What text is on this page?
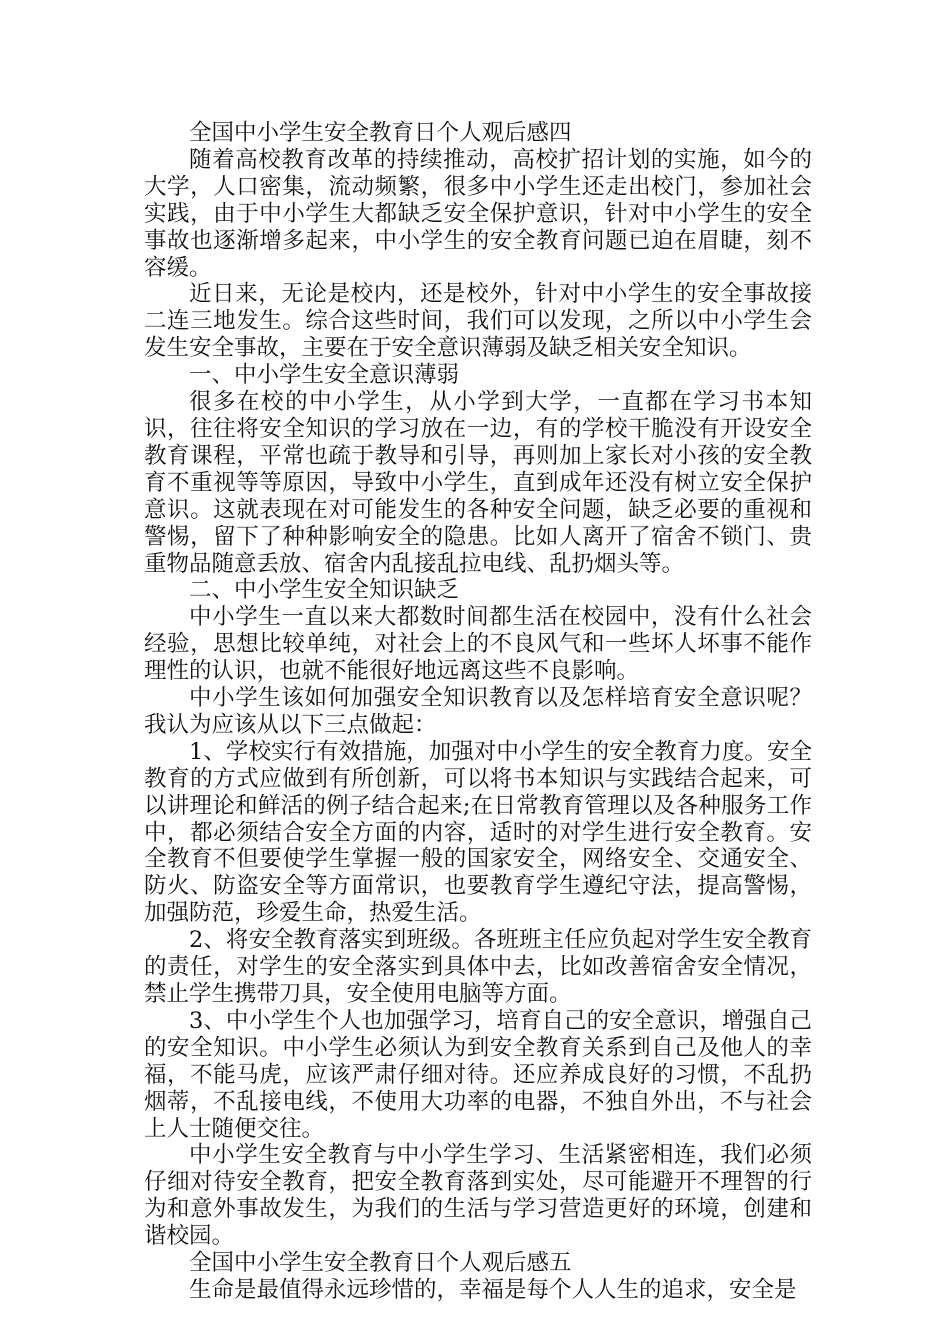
全国中小学生安全教育日个人观后感四

随着高校教育改革的持续推动，高校扩招计划的实施，如今的大学，人口密集，流动频繁，很多中小学生还走出校门，参加社会实践，由于中小学生大都缺乏安全保护意识，针对中小学生的安全事故也逐渐增多起来，中小学生的安全教育问题已迫在眉睫，刻不容缓。

近日来，无论是校内，还是校外，针对中小学生的安全事故接二连三地发生。综合这些时间，我们可以发现，之所以中小学生会发生安全事故，主要在于安全意识薄弱及缺乏相关安全知识。

一、中小学生安全意识薄弱

很多在校的中小学生，从小学到大学，一直都在学习书本知识，往往将安全知识的学习放在一边，有的学校干脆没有开设安全教育课程，平常也疏于教导和引导，再则加上家长对小孩的安全教育不重视等等原因，导致中小学生，直到成年还没有树立安全保护意识。这就表现在对可能发生的各种安全问题，缺乏必要的重视和警惕，留下了种种影响安全的隐患。比如人离开了宿舍不锁门、贵重物品随意丢放、宿舍内乱接乱拉电线、乱扔烟头等。

二、中小学生安全知识缺乏

中小学生一直以来大都数时间都生活在校园中，没有什么社会经验，思想比较单纯，对社会上的不良风气和一些坏人坏事不能作理性的认识，也就不能很好地远离这些不良影响。

中小学生该如何加强安全知识教育以及怎样培育安全意识呢？我认为应该从以下三点做起：

1、学校实行有效措施，加强对中小学生的安全教育力度。安全教育的方式应做到有所创新，可以将书本知识与实践结合起来，可以讲理论和鲜活的例子结合起来;在日常教育管理以及各种服务工作中，都必须结合安全方面的内容，适时的对学生进行安全教育。安全教育不但要使学生掌握一般的国家安全，网络安全、交通安全、防火、防盗安全等方面常识，也要教育学生遵纪守法，提高警惕，加强防范，珍爱生命，热爱生活。

2、将安全教育落实到班级。各班班主任应负起对学生安全教育的责任，对学生的安全落实到具体中去，比如改善宿舍安全情况，禁止学生携带刀具，安全使用电脑等方面。

3、中小学生个人也加强学习，培育自己的安全意识，增强自己的安全知识。中小学生必须认为到安全教育关系到自己及他人的幸福，不能马虎，应该严肃仔细对待。还应养成良好的习惯，不乱扔烟蒂，不乱接电线，不使用大功率的电器，不独自外出，不与社会上人士随便交往。

中小学生安全教育与中小学生学习、生活紧密相连，我们必须仔细对待安全教育，把安全教育落到实处，尽可能避开不理智的行为和意外事故发生，为我们的生活与学习营造更好的环境，创建和谐校园。

全国中小学生安全教育日个人观后感五

生命是最值得永远珍惜的，幸福是每个人人生的追求，安全是
